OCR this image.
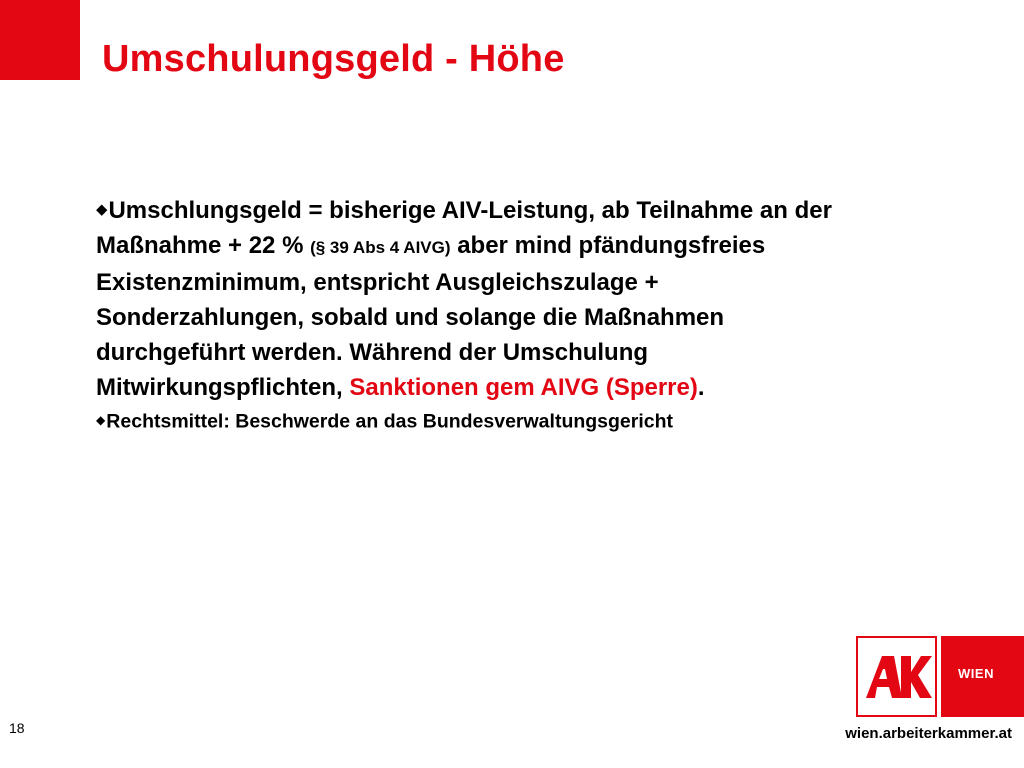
Umschulungsgeld - Höhe

◆Umschlungsgeld = bisherige AIV-Leistung, ab Teilnahme an der Maßnahme + 22 % (§ 39 Abs 4 AIVG) aber mind pfändungsfreies Existenzminimum, entspricht Ausgleichszulage + Sonderzahlungen, sobald und solange die Maßnahmen durchgeführt werden. Während der Umschulung Mitwirkungspflichten, Sanktionen gem AIVG (Sperre).

◆Rechtsmittel: Beschwerde an das Bundesverwaltungsgericht

18
WIEN
wien.arbeiterkammer.at
